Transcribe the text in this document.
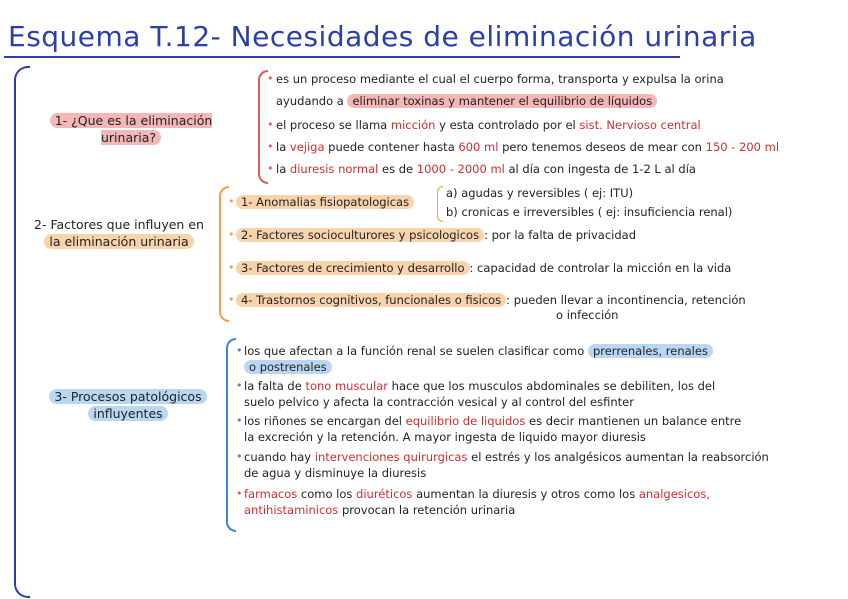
Esquema T.12- Necesidades de eliminación urinaria
1- ¿Que es la eliminación urinaria?
• es un proceso mediante el cual el cuerpo forma, transporta y expulsa la orina
ayudando a eliminar toxinas y mantener el equilibrio de líquidos
• el proceso se llama micción y esta controlado por el sist. Nervioso central
• la vejiga puede contener hasta 600 ml pero tenemos deseos de mear con 150 - 200 ml
• la diuresis normal es de 1000 - 2000 ml al día con ingesta de 1-2 L al día
2- Factores que influyen en
la eliminación urinaria
• 1- Anomalias fisiopatologicas
a) agudas y reversibles ( ej: ITU)
b) cronicas e irreversibles ( ej: insuficiencia renal)
• 2- Factores socioculturores y psicologicos : por la falta de privacidad
• 3- Factores de crecimiento y desarrollo : capacidad de controlar la micción en la vida
• 4- Trastornos cognitivos, funcionales o fisicos : pueden llevar a incontinencia, retención
o infección
3- Procesos patológicos
influyentes
• los que afectan a la función renal se suelen clasificar como prerrenales, renales
o postrenales
• la falta de tono muscular hace que los musculos abdominales se debiliten, los del
suelo pelvico y afecta la contracción vesical y al control del esfinter
• los riñones se encargan del equilibrio de liquidos es decir mantienen un balance entre
la excreción y la retención. A mayor ingesta de liquido mayor diuresis
• cuando hay intervenciones quirurgicas el estrés y los analgésicos aumentan la reabsorción
de agua y disminuye la diuresis
• farmacos como los diuréticos aumentan la diuresis y otros como los analgesicos,
antihistaminicos provocan la retención urinaria
